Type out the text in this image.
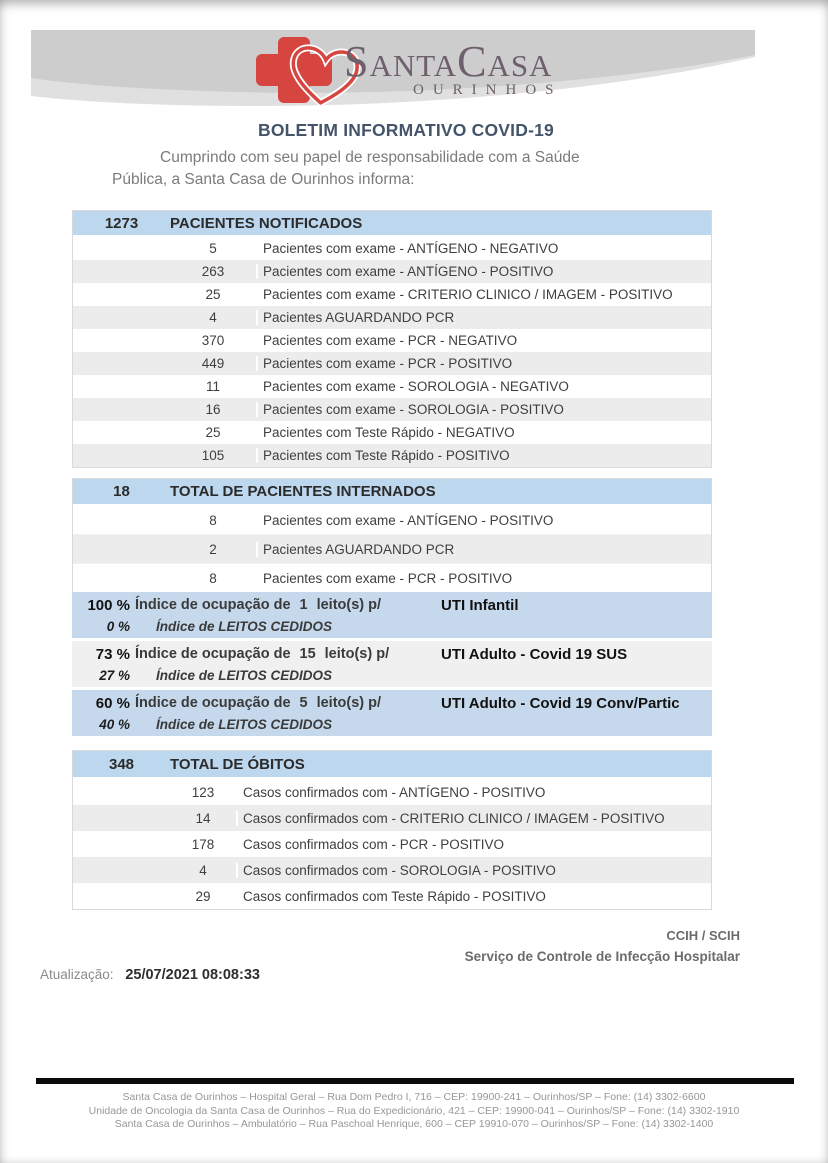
SantaCasa
OURINHOS
BOLETIM INFORMATIVO COVID-19
Cumprindo com seu papel de responsabilidade com a Saúde
Pública, a Santa Casa de Ourinhos informa:
1273	PACIENTES NOTIFICADOS
5	Pacientes com exame - ANTÍGENO - NEGATIVO
263	Pacientes com exame - ANTÍGENO - POSITIVO
25	Pacientes com exame - CRITERIO CLINICO / IMAGEM - POSITIVO
4	Pacientes AGUARDANDO PCR
370	Pacientes com exame - PCR - NEGATIVO
449	Pacientes com exame - PCR - POSITIVO
11	Pacientes com exame - SOROLOGIA - NEGATIVO
16	Pacientes com exame - SOROLOGIA - POSITIVO
25	Pacientes com Teste Rápido - NEGATIVO
105	Pacientes com Teste Rápido - POSITIVO
18	TOTAL DE PACIENTES INTERNADOS
8	Pacientes com exame - ANTÍGENO - POSITIVO
2	Pacientes AGUARDANDO PCR
8	Pacientes com exame - PCR - POSITIVO
100 % Índice de ocupação de 1 leito(s) p/	UTI Infantil
0 % Índice de LEITOS CEDIDOS
73 % Índice de ocupação de 15 leito(s) p/	UTI Adulto - Covid 19 SUS
27 % Índice de LEITOS CEDIDOS
60 % Índice de ocupação de 5 leito(s) p/	UTI Adulto - Covid 19 Conv/Partic
40 % Índice de LEITOS CEDIDOS
348	TOTAL DE ÓBITOS
123	Casos confirmados com - ANTÍGENO - POSITIVO
14	Casos confirmados com - CRITERIO CLINICO / IMAGEM - POSITIVO
178	Casos confirmados com - PCR - POSITIVO
4	Casos confirmados com - SOROLOGIA - POSITIVO
29	Casos confirmados com Teste Rápido - POSITIVO
CCIH / SCIH
Serviço de Controle de Infecção Hospitalar
Atualização: 25/07/2021 08:08:33
Santa Casa de Ourinhos – Hospital Geral – Rua Dom Pedro I, 716 – CEP: 19900-241 – Ourinhos/SP – Fone: (14) 3302-6600
Unidade de Oncologia da Santa Casa de Ourinhos – Rua do Expedicionário, 421 – CEP: 19900-041 – Ourinhos/SP – Fone: (14) 3302-1910
Santa Casa de Ourinhos – Ambulatório – Rua Paschoal Henrique, 600 – CEP 19910-070 – Ourinhos/SP – Fone: (14) 3302-1400
